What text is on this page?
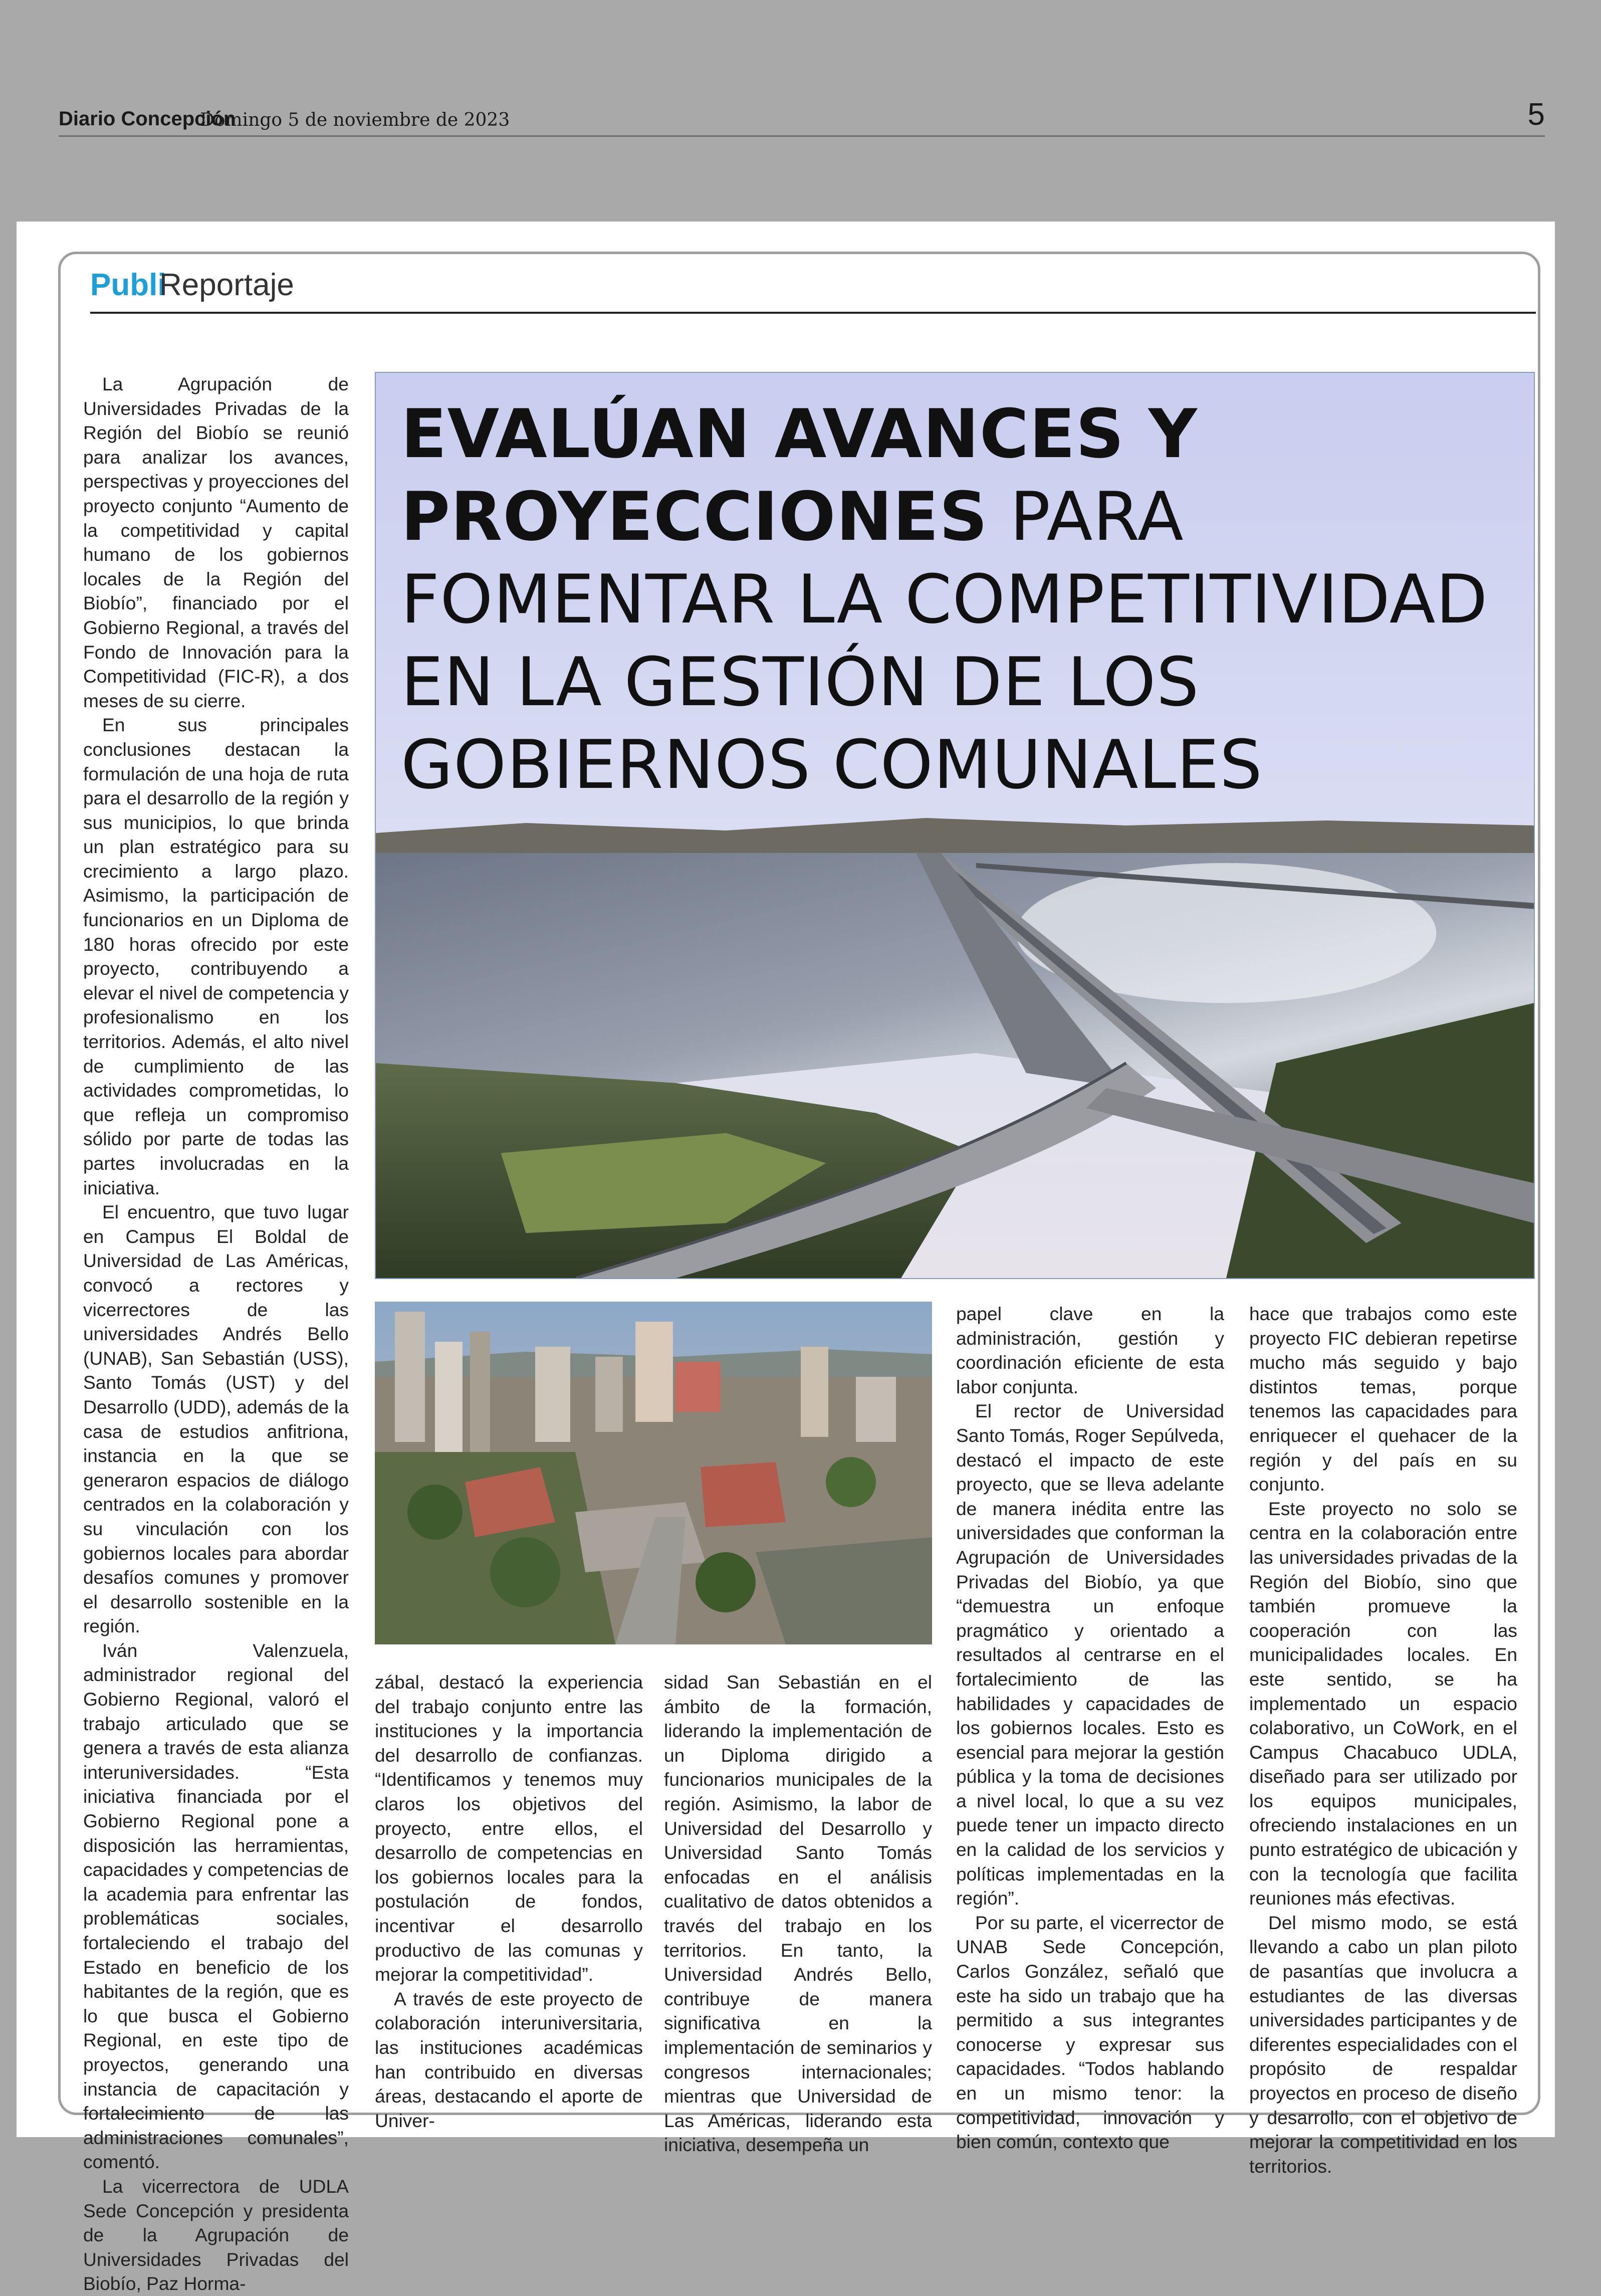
Diario Concepción
Domingo 5 de noviembre de 2023	5
Publi
Reportaje
EVALÚAN AVANCES Y PROYECCIONES PARA FOMENTAR LA COMPETITIVIDAD EN LA GESTIÓN DE LOS GOBIERNOS COMUNALES

La Agrupación de Universidades Privadas de la Región del Biobío se reunió para analizar los avances, perspectivas y proyecciones del proyecto conjunto “Aumento de la competitividad y capital humano de los gobiernos locales de la Región del Biobío”, financiado por el Gobierno Regional, a través del Fondo de Innovación para la Competitividad (FIC-R), a dos meses de su cierre.

En sus principales conclusiones destacan la formulación de una hoja de ruta para el desarrollo de la región y sus municipios, lo que brinda un plan estratégico para su crecimiento a largo plazo. Asimismo, la participación de funcionarios en un Diploma de 180 horas ofrecido por este proyecto, contribuyendo a elevar el nivel de competencia y profesionalismo en los territorios. Además, el alto nivel de cumplimiento de las actividades comprometidas, lo que refleja un compromiso sólido por parte de todas las partes involucradas en la iniciativa.

El encuentro, que tuvo lugar en Campus El Boldal de Universidad de Las Américas, convocó a rectores y vicerrectores de las universidades Andrés Bello (UNAB), San Sebastián (USS), Santo Tomás (UST) y del Desarrollo (UDD), además de la casa de estudios anfitriona, instancia en la que se generaron espacios de diálogo centrados en la colaboración y su vinculación con los gobiernos locales para abordar desafíos comunes y promover el desarrollo sostenible en la región.

Iván Valenzuela, administrador regional del Gobierno Regional, valoró el trabajo articulado que se genera a través de esta alianza interuniversidades. “Esta iniciativa financiada por el Gobierno Regional pone a disposición las herramientas, capacidades y competencias de la academia para enfrentar las problemáticas sociales, fortaleciendo el trabajo del Estado en beneficio de los habitantes de la región, que es lo que busca el Gobierno Regional, en este tipo de proyectos, generando una instancia de capacitación y fortalecimiento de las administraciones comunales”, comentó.

La vicerrectora de UDLA Sede Concepción y presidenta de la Agrupación de Universidades Privadas del Biobío, Paz Horma-

zábal, destacó la experiencia del trabajo conjunto entre las instituciones y la importancia del desarrollo de confianzas. “Identificamos y tenemos muy claros los objetivos del proyecto, entre ellos, el desarrollo de competencias en los gobiernos locales para la postulación de fondos, incentivar el desarrollo productivo de las comunas y mejorar la competitividad”.

A través de este proyecto de colaboración interuniversitaria, las instituciones académicas han contribuido en diversas áreas, destacando el aporte de Univer-

sidad San Sebastián en el ámbito de la formación, liderando la implementación de un Diploma dirigido a funcionarios municipales de la región. Asimismo, la labor de Universidad del Desarrollo y Universidad Santo Tomás enfocadas en el análisis cualitativo de datos obtenidos a través del trabajo en los territorios. En tanto, la Universidad Andrés Bello, contribuye de manera significativa en la implementación de seminarios y congresos internacionales; mientras que Universidad de Las Américas, liderando esta iniciativa, desempeña un

papel clave en la administración, gestión y coordinación eficiente de esta labor conjunta.

El rector de Universidad Santo Tomás, Roger Sepúlveda, destacó el impacto de este proyecto, que se lleva adelante de manera inédita entre las universidades que conforman la Agrupación de Universidades Privadas del Biobío, ya que “demuestra un enfoque pragmático y orientado a resultados al centrarse en el fortalecimiento de las habilidades y capacidades de los gobiernos locales. Esto es esencial para mejorar la gestión pública y la toma de decisiones a nivel local, lo que a su vez puede tener un impacto directo en la calidad de los servicios y políticas implementadas en la región”.

Por su parte, el vicerrector de UNAB Sede Concepción, Carlos González, señaló que este ha sido un trabajo que ha permitido a sus integrantes conocerse y expresar sus capacidades. “Todos hablando en un mismo tenor: la competitividad, innovación y bien común, contexto que

hace que trabajos como este proyecto FIC debieran repetirse mucho más seguido y bajo distintos temas, porque tenemos las capacidades para enriquecer el quehacer de la región y del país en su conjunto.

Este proyecto no solo se centra en la colaboración entre las universidades privadas de la Región del Biobío, sino que también promueve la cooperación con las municipalidades locales. En este sentido, se ha implementado un espacio colaborativo, un CoWork, en el Campus Chacabuco UDLA, diseñado para ser utilizado por los equipos municipales, ofreciendo instalaciones en un punto estratégico de ubicación y con la tecnología que facilita reuniones más efectivas.

Del mismo modo, se está llevando a cabo un plan piloto de pasantías que involucra a estudiantes de las diversas universidades participantes y de diferentes especialidades con el propósito de respaldar proyectos en proceso de diseño y desarrollo, con el objetivo de mejorar la competitividad en los territorios.
